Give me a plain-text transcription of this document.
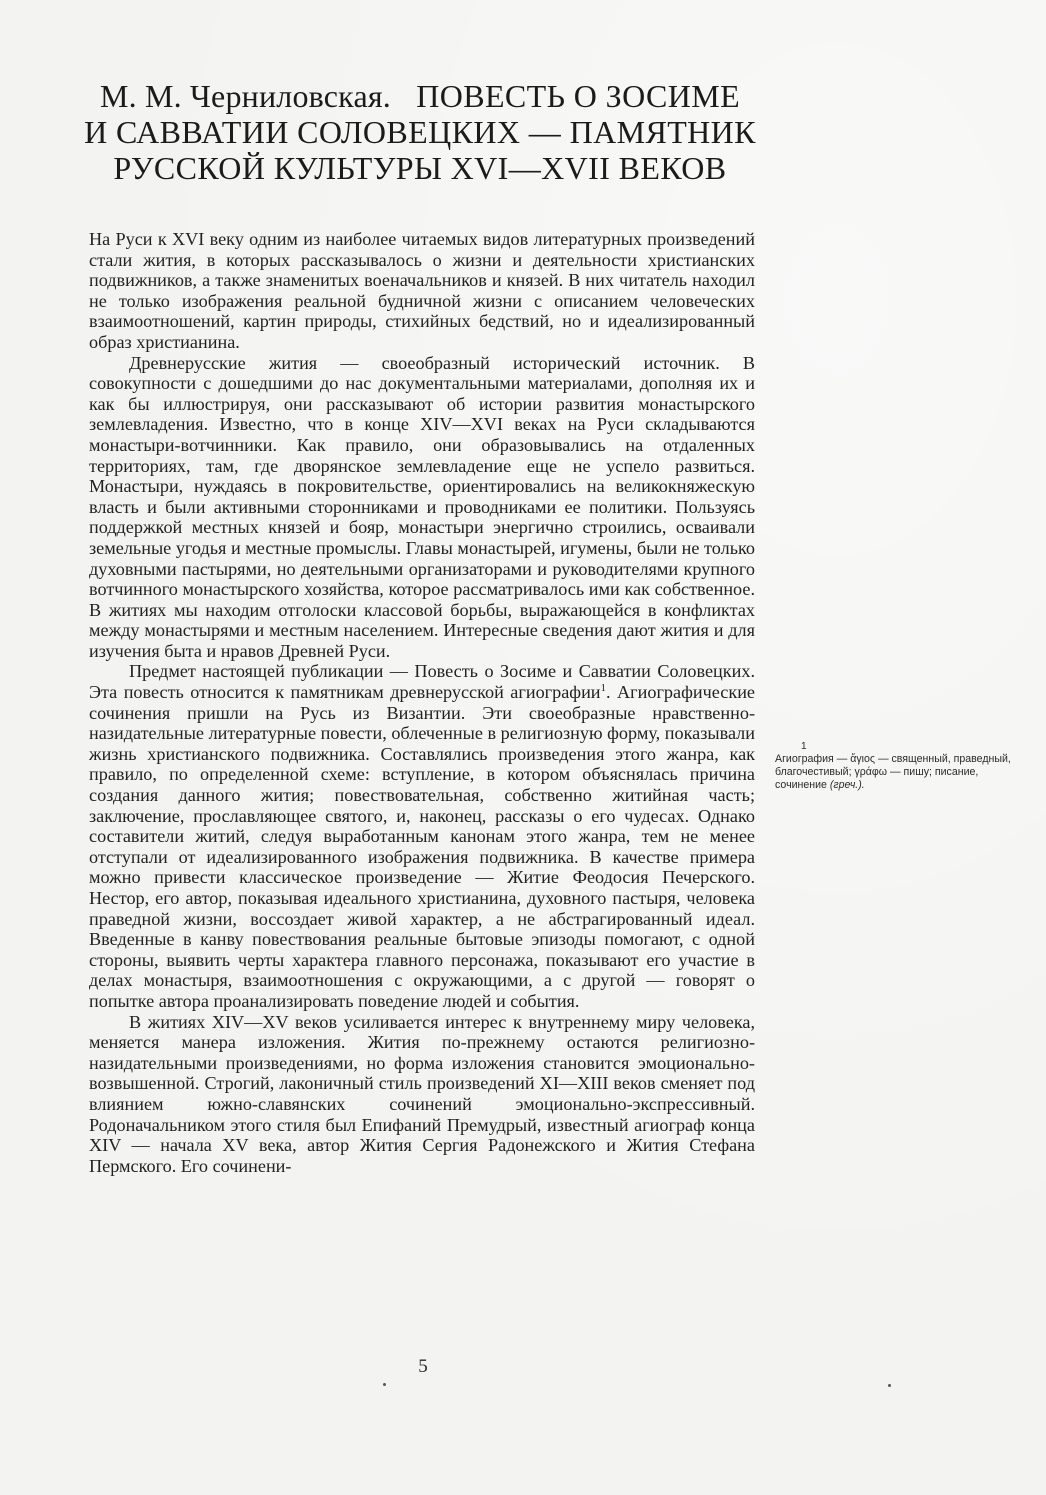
М. М. Черниловская. ПОВЕСТЬ О ЗОСИМЕ
И САВВАТИИ СОЛОВЕЦКИХ — ПАМЯТНИК
РУССКОЙ КУЛЬТУРЫ XVI—XVII ВЕКОВ

На Руси к XVI веку одним из наиболее читаемых видов литературных произведений стали жития, в которых рассказывалось о жизни и деятельности христианских подвижников, а также знаменитых военачальников и князей. В них читатель находил не только изображения реальной будничной жизни с описанием человеческих взаимоотношений, картин природы, стихийных бедствий, но и идеализированный образ христианина.

Древнерусские жития — своеобразный исторический источник. В совокупности с дошедшими до нас документальными материалами, дополняя их и как бы иллюстрируя, они рассказывают об истории развития монастырского землевладения. Известно, что в конце XIV—XVI веках на Руси складываются монастыри-вотчинники. Как правило, они образовывались на отдаленных территориях, там, где дворянское землевладение еще не успело развиться. Монастыри, нуждаясь в покровительстве, ориентировались на великокняжескую власть и были активными сторонниками и проводниками ее политики. Пользуясь поддержкой местных князей и бояр, монастыри энергично строились, осваивали земельные угодья и местные промыслы. Главы монастырей, игумены, были не только духовными пастырями, но деятельными организаторами и руководителями крупного вотчинного монастырского хозяйства, которое рассматривалось ими как собственное. В житиях мы находим отголоски классовой борьбы, выражающейся в конфликтах между монастырями и местным населением. Интересные сведения дают жития и для изучения быта и нравов Древней Руси.

Предмет настоящей публикации — Повесть о Зосиме и Савватии Соловецких. Эта повесть относится к памятникам древнерусской агиографии$^1$. Агиографические сочинения пришли на Русь из Византии. Эти своеобразные нравственно-назидательные литературные повести, облеченные в религиозную форму, показывали жизнь христианского подвижника. Составлялись произведения этого жанра, как правило, по определенной схеме: вступление, в котором объяснялась причина создания данного жития; повествовательная, собственно житийная часть; заключение, прославляющее святого, и, наконец, рассказы о его чудесах. Однако составители житий, следуя выработанным канонам этого жанра, тем не менее отступали от идеализированного изображения подвижника. В качестве примера можно привести классическое произведение — Житие Феодосия Печерского. Нестор, его автор, показывая идеального христианина, духовного пастыря, человека праведной жизни, воссоздает живой характер, а не абстрагированный идеал. Введенные в канву повествования реальные бытовые эпизоды помогают, с одной стороны, выявить черты характера главного персонажа, показывают его участие в делах монастыря, взаимоотношения с окружающими, а с другой — говорят о попытке автора проанализировать поведение людей и события.

В житиях XIV—XV веков усиливается интерес к внутреннему миру человека, меняется манера изложения. Жития по-прежнему остаются религиозно-назидательными произведениями, но форма изложения становится эмоционально-возвышенной. Строгий, лаконичный стиль произведений XI—XIII веков сменяет под влиянием южно-славянских сочинений эмоционально-экспрессивный. Родоначальником этого стиля был Епифаний Премудрый, известный агиограф конца XIV — начала XV века, автор Жития Сергия Радонежского и Жития Стефана Пермского. Его сочинени-

1
Агиография — ἅγιος — священный, праведный, благочестивый; γράφω — пишу; писание, сочинение (греч.).
5
